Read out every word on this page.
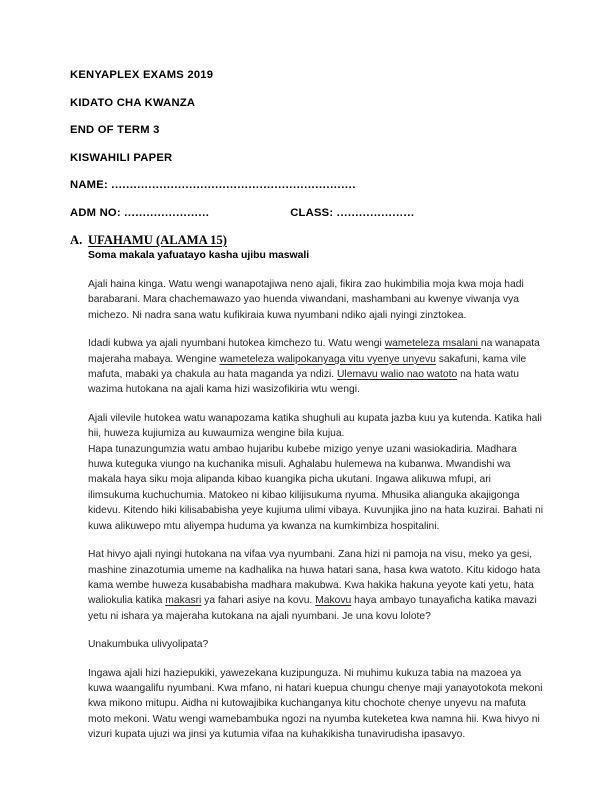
KENYAPLEX EXAMS 2019
KIDATO CHA KWANZA
END OF TERM 3
KISWAHILI PAPER
NAME: ..................................................................
ADM NO: .......................	CLASS: .....................
A. UFAHAMU (ALAMA 15)
Soma makala yafuatayo kasha ujibu maswali

Ajali haina kinga. Watu wengi wanapotajiwa neno ajali, fikira zao hukimbilia moja kwa moja hadi barabarani. Mara chachemawazo yao huenda viwandani, mashambani au kwenye viwanja vya michezo. Ni nadra sana watu kufikiraia kuwa nyumbani ndiko ajali nyingi zinztokea.

Idadi kubwa ya ajali nyumbani hutokea kimchezo tu. Watu wengi wameteleza msalani na wanapata majeraha mabaya. Wengine wameteleza walipokanyaga vitu vyenye unyevu sakafuni, kama vile mafuta, mabaki ya chakula au hata maganda ya ndizi. Ulemavu walio nao watoto na hata watu wazima hutokana na ajali kama hizi wasizofikiria wtu wengi.

Ajali vilevile hutokea watu wanapozama katika shughuli au kupata jazba kuu ya kutenda. Katika hali hii, huweza kujiumiza au kuwaumiza wengine bila kujua.

Hapa tunazungumzia watu ambao hujaribu kubebe mizigo yenye uzani wasiokadiria. Madhara huwa kuteguka viungo na kuchanika misuli. Aghalabu hulemewa na kubanwa. Mwandishi wa makala haya siku moja alipanda kibao kuangika picha ukutani. Ingawa alikuwa mfupi, ari ilimsukuma kuchuchumia. Matokeo ni kibao kilijisukuma nyuma. Mhusika alianguka akajigonga kidevu. Kitendo hiki kilisababisha yeye kujiuma ulimi vibaya. Kuvunjika jino na hata kuzirai. Bahati ni kuwa alikuwepo mtu aliyempa huduma ya kwanza na kumkimbiza hospitalini.

Hat hivyo ajali nyingi hutokana na vifaa vya nyumbani. Zana hizi ni pamoja na visu, meko ya gesi, mashine zinazotumia umeme na kadhalika na huwa hatari sana, hasa kwa watoto. Kitu kidogo hata kama wembe huweza kusababisha madhara makubwa. Kwa hakika hakuna yeyote kati yetu, hata waliokulia katika makasri ya fahari asiye na kovu. Makovu haya ambayo tunayaficha katika mavazi yetu ni ishara ya majeraha kutokana na ajali nyumbani. Je una kovu lolote?

Unakumbuka ulivyolipata?

Ingawa ajali hizi haziepukiki, yawezekana kuzipunguza. Ni muhimu kukuza tabia na mazoea ya kuwa waangalifu nyumbani. Kwa mfano, ni hatari kuepua chungu chenye maji yanayotokota mekoni kwa mikono mitupu. Aidha ni kutowajibika kuchanganya kitu chochote chenye unyevu na mafuta moto mekoni. Watu wengi wamebambuka ngozi na nyumba kuteketea kwa namna hii. Kwa hivyo ni vizuri kupata ujuzi wa jinsi ya kutumia vifaa na kuhakikisha tunavirudisha ipasavyo.
